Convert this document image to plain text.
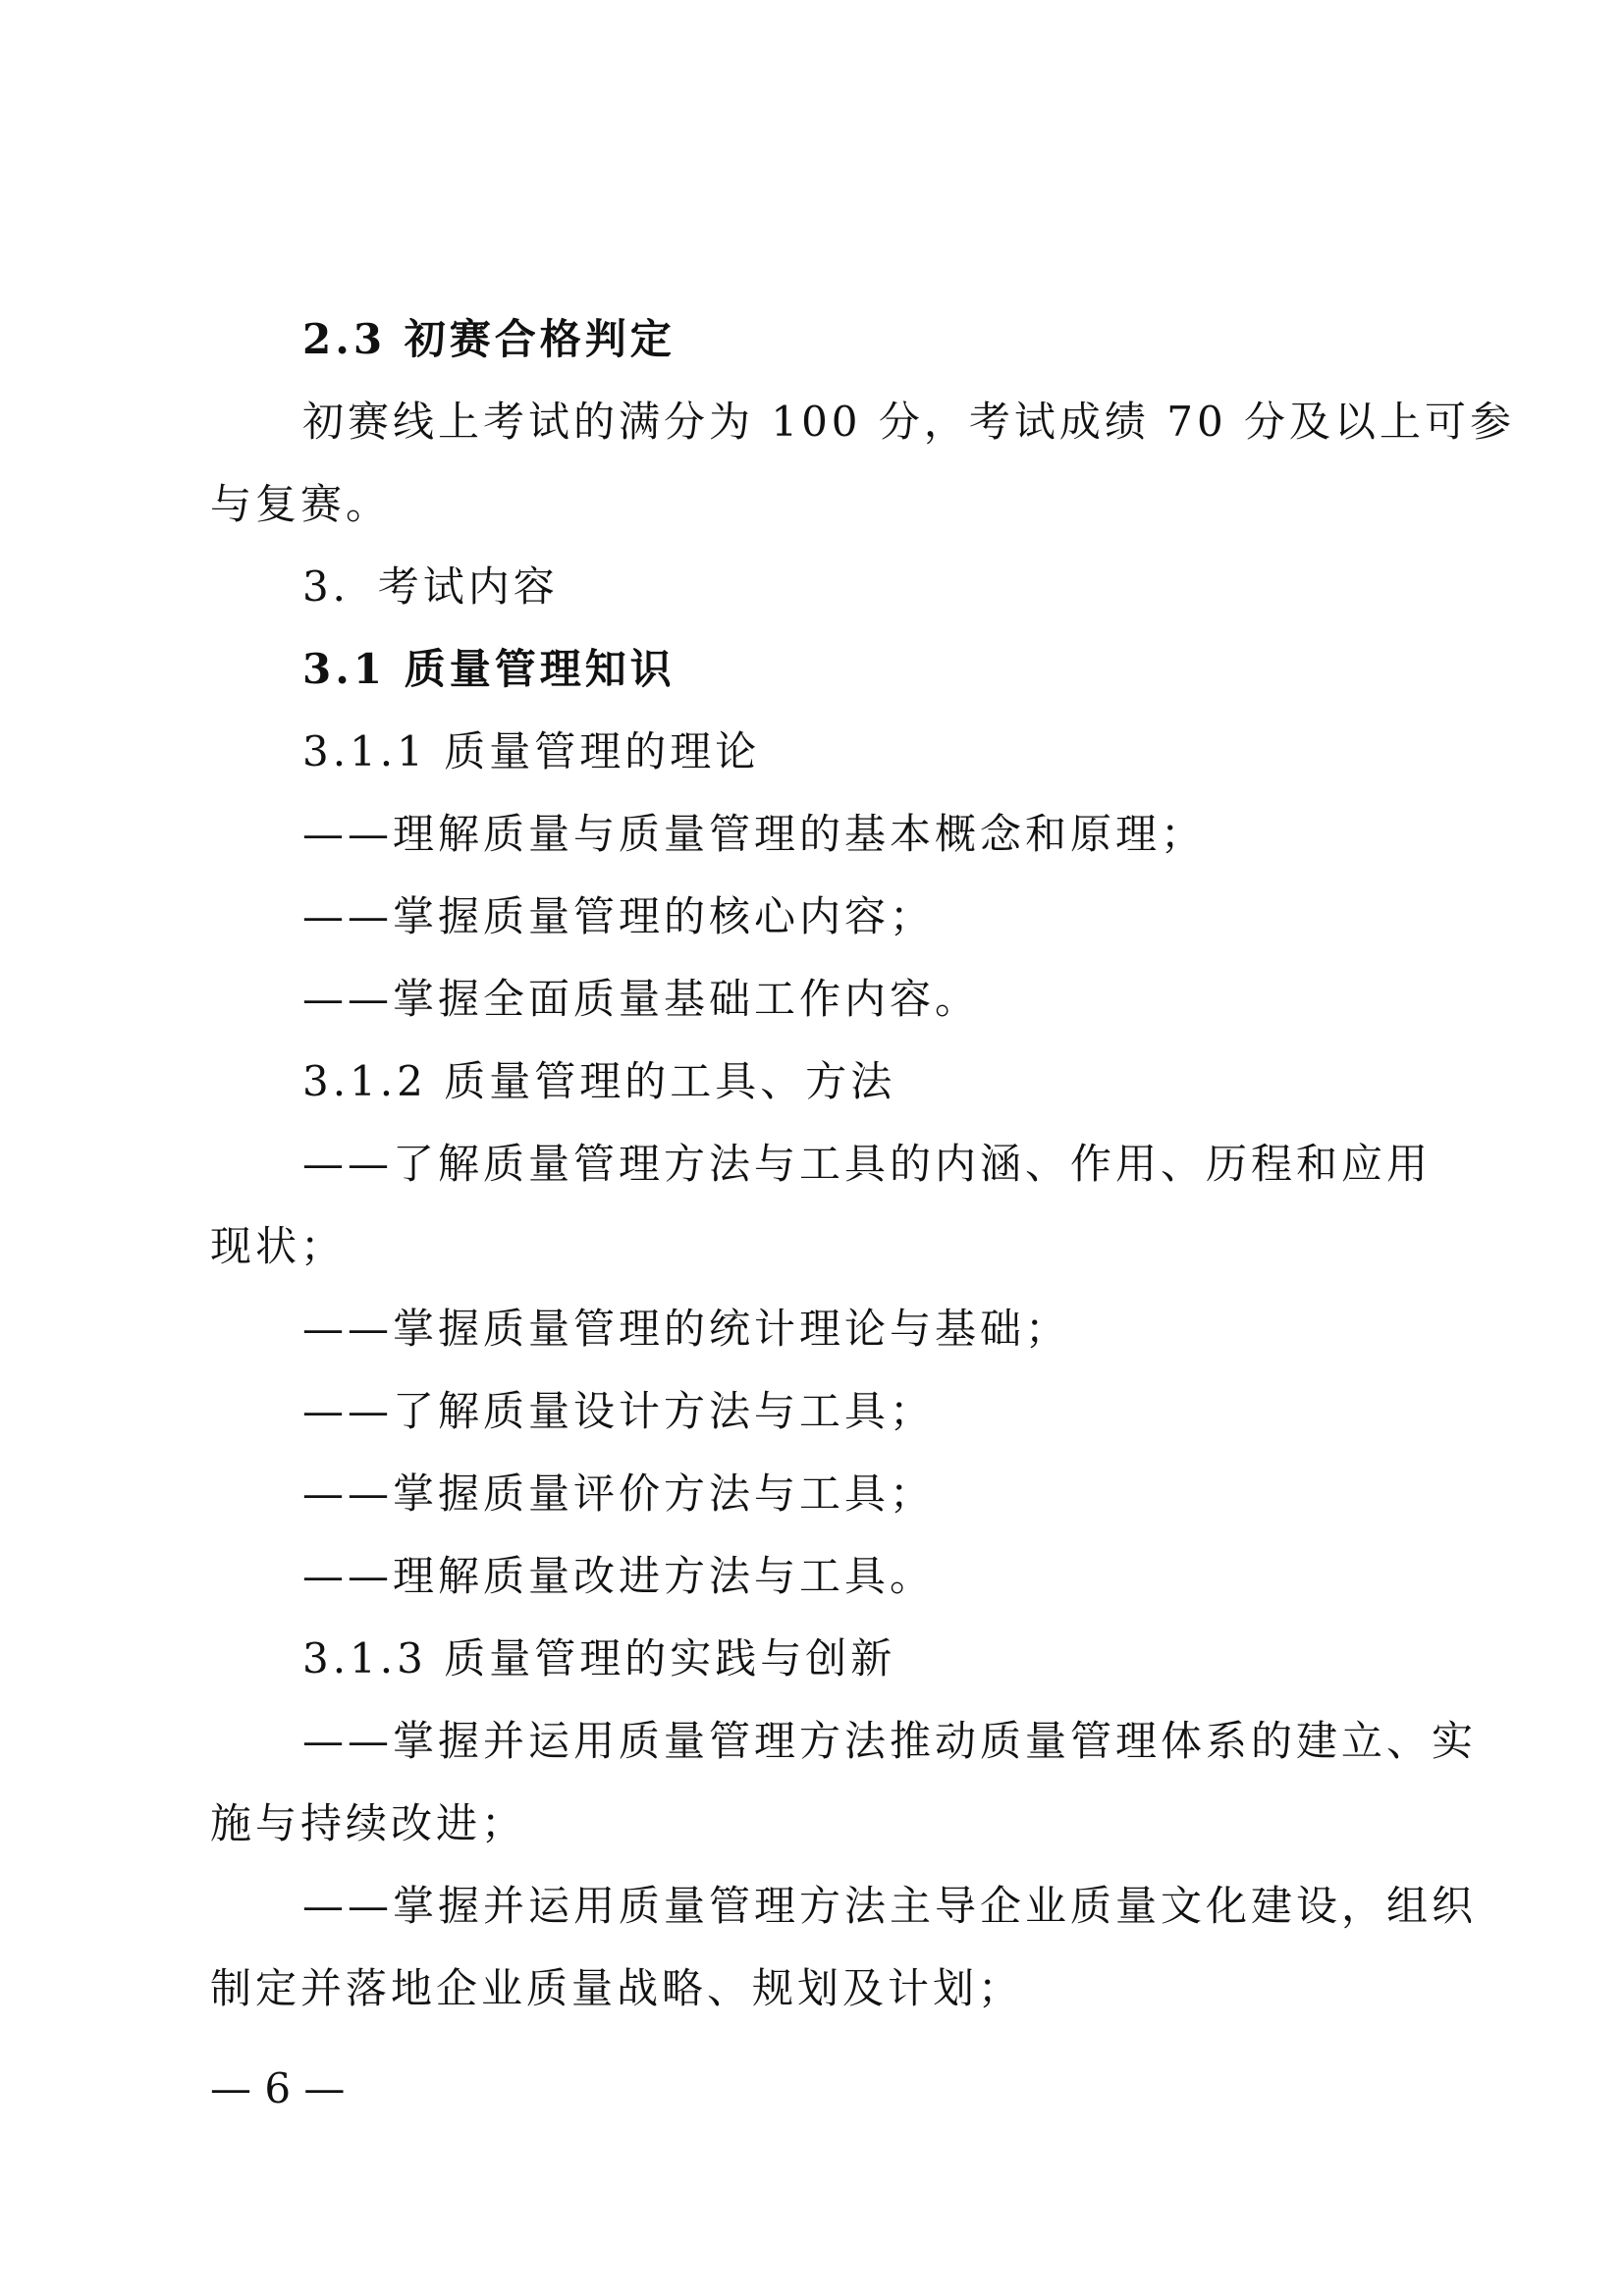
2.3 初赛合格判定
初赛线上考试的满分为 100 分，考试成绩 70 分及以上可参
与复赛。
3．考试内容
3.1 质量管理知识
3.1.1 质量管理的理论
——理解质量与质量管理的基本概念和原理；
——掌握质量管理的核心内容；
——掌握全面质量基础工作内容。
3.1.2 质量管理的工具、方法
——了解质量管理方法与工具的内涵、作用、历程和应用
现状；
——掌握质量管理的统计理论与基础；
——了解质量设计方法与工具；
——掌握质量评价方法与工具；
——理解质量改进方法与工具。
3.1.3 质量管理的实践与创新
——掌握并运用质量管理方法推动质量管理体系的建立、实
施与持续改进；
——掌握并运用质量管理方法主导企业质量文化建设，组织
制定并落地企业质量战略、规划及计划；
— 6 —
